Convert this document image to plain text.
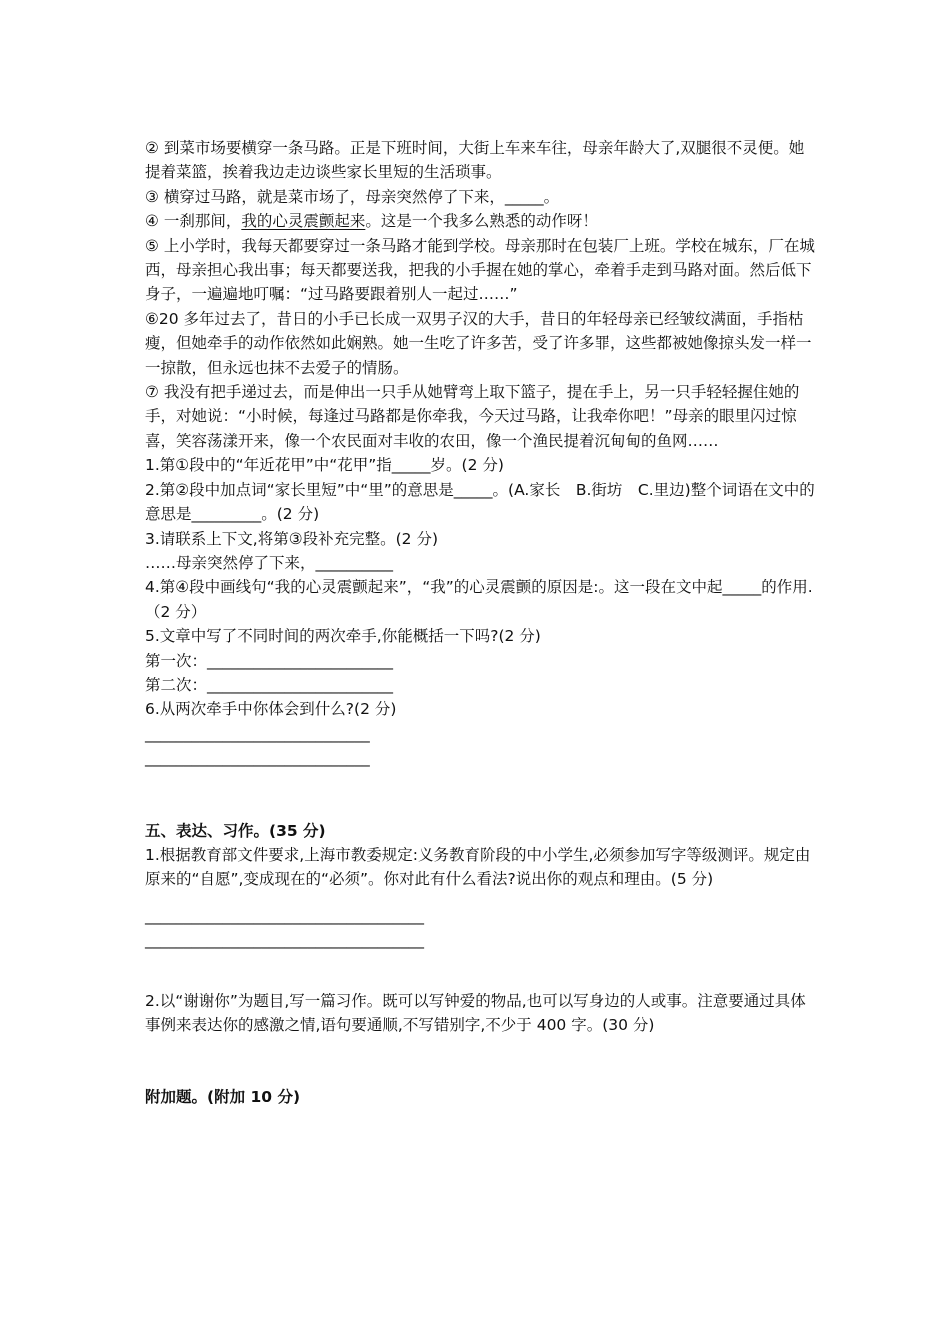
② 到菜市场要横穿一条马路。正是下班时间，大街上车来车往，母亲年龄大了,双腿很不灵便。她提着菜篮，挨着我边走边谈些家长里短的生活琐事。

③ 横穿过马路，就是菜市场了，母亲突然停了下来，_____。

④ 一刹那间，我的心灵震颤起来。这是一个我多么熟悉的动作呀！

⑤ 上小学时，我每天都要穿过一条马路才能到学校。母亲那时在包装厂上班。学校在城东，厂在城西，母亲担心我出事；每天都要送我，把我的小手握在她的掌心，牵着手走到马路对面。然后低下身子，一遍遍地叮嘱：“过马路要跟着别人一起过……”

⑥20 多年过去了，昔日的小手已长成一双男子汉的大手，昔日的年轻母亲已经皱纹满面，手指枯瘦，但她牵手的动作依然如此娴熟。她一生吃了许多苦，受了许多罪，这些都被她像掠头发一样一一掠散，但永远也抹不去爱子的情肠。

⑦ 我没有把手递过去，而是伸出一只手从她臂弯上取下篮子，提在手上，另一只手轻轻握住她的手，对她说：“小时候，每逢过马路都是你牵我，今天过马路，让我牵你吧！”母亲的眼里闪过惊喜，笑容荡漾开来，像一个农民面对丰收的农田，像一个渔民提着沉甸甸的鱼网……

1.第①段中的“年近花甲”中“花甲”指_____岁。(2 分)

2.第②段中加点词“家长里短”中“里”的意思是_____。(A.家长　B.街坊　C.里边)整个词语在文中的意思是_________。(2 分)

3.请联系上下文,将第③段补充完整。(2 分)

……母亲突然停了下来，__________

4.第④段中画线句“我的心灵震颤起来”，“我”的心灵震颤的原因是:。这一段在文中起_____的作用.（2 分）

5.文章中写了不同时间的两次牵手,你能概括一下吗?(2 分)

第一次：________________________

第二次：________________________

6.从两次牵手中你体会到什么?(2 分)

_____________________________

_____________________________

五、表达、习作。(35 分)

1.根据教育部文件要求,上海市教委规定:义务教育阶段的中小学生,必须参加写字等级测评。规定由原来的“自愿”,变成现在的“必须”。你对此有什么看法?说出你的观点和理由。(5 分)

____________________________________

____________________________________

2.以“谢谢你”为题目,写一篇习作。既可以写钟爱的物品,也可以写身边的人或事。注意要通过具体事例来表达你的感激之情,语句要通顺,不写错别字,不少于 400 字。(30 分)

附加题。(附加 10 分)
